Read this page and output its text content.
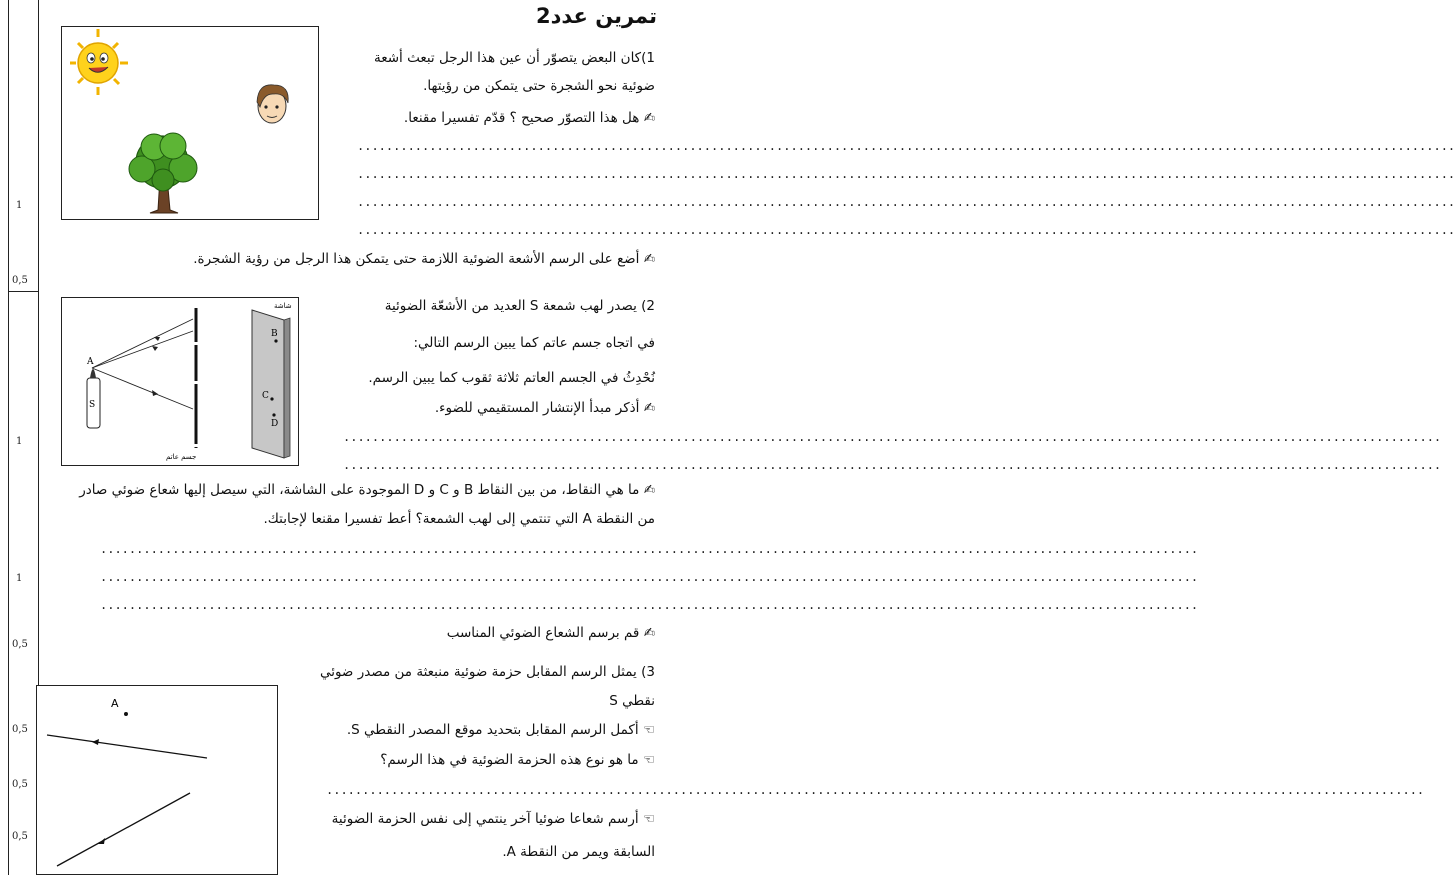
1
0,5
1
1
0,5
0,5
0,5
0,5
تمرين عدد2
1)كان البعض يتصوّر أن عين هذا الرجل تبعث أشعة
ضوئية نحو الشجرة حتى يتمكن من رؤيتها.
✍ هل هذا التصوّر صحيح ؟ قدّم تفسيرا مقنعا.
........................................................................................................................................................
........................................................................................................................................................
........................................................................................................................................................
........................................................................................................................................................
✍ أضع على الرسم الأشعة الضوئية اللازمة حتى يتمكن هذا الرجل من رؤية الشجرة.
S
A
جسم عاتم
شاشة
B
C
D
2) يصدر لهب شمعة S العديد من الأشعّة الضوئية
في اتجاه جسم عاتم كما يبين الرسم التالي:
نُحْدِثُ في الجسم العاتم ثلاثة ثقوب كما يبين الرسم.
✍ أذكر مبدأ الإنتشار المستقيمي للضوء.
........................................................................................................................................................
........................................................................................................................................................
✍ ما هي النقاط، من بين النقاط B و C و D الموجودة على الشاشة، التي سيصل إليها شعاع ضوئي صادر
من النقطة A التي تنتمي إلى لهب الشمعة؟ أعط تفسيرا مقنعا لإجابتك.
........................................................................................................................................................
........................................................................................................................................................
........................................................................................................................................................
✍ قم برسم الشعاع الضوئي المناسب
A
3) يمثل الرسم المقابل حزمة ضوئية منبعثة من مصدر ضوئي
نقطي S
☜ أكمل الرسم المقابل بتحديد موقع المصدر النقطي S.
☜ ما هو نوع هذه الحزمة الضوئية في هذا الرسم؟
........................................................................................................................................................
☜ أرسم شعاعا ضوئيا آخر ينتمي إلى نفس الحزمة الضوئية
السابقة ويمر من النقطة A.
